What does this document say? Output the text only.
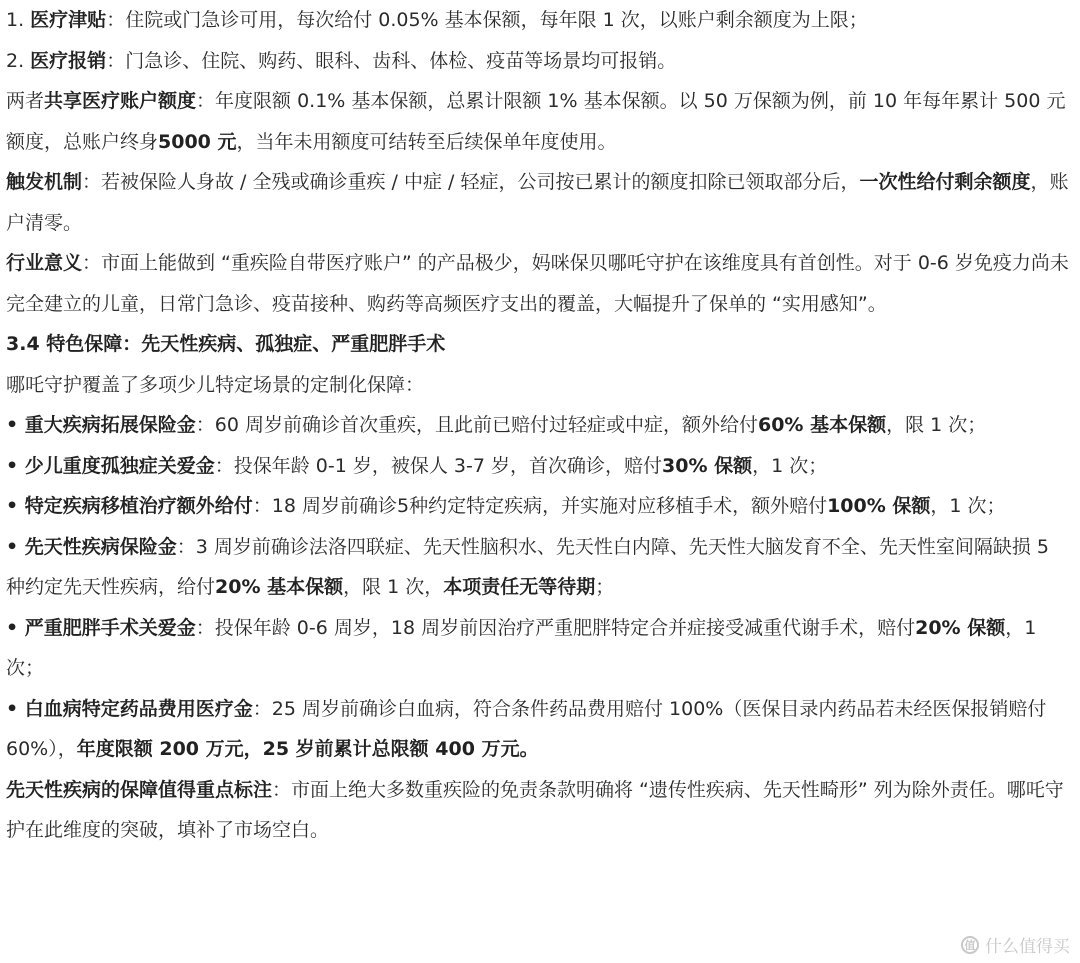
1. 医疗津贴：住院或门急诊可用，每次给付 0.05% 基本保额，每年限 1 次，以账户剩余额度为上限；

2. 医疗报销：门急诊、住院、购药、眼科、齿科、体检、疫苗等场景均可报销。

两者共享医疗账户额度：年度限额 0.1% 基本保额，总累计限额 1% 基本保额。以 50 万保额为例，前 10 年每年累计 500 元额度，总账户终身5000 元，当年未用额度可结转至后续保单年度使用。

触发机制：若被保险人身故 / 全残或确诊重疾 / 中症 / 轻症，公司按已累计的额度扣除已领取部分后，一次性给付剩余额度，账户清零。

行业意义：市面上能做到 “重疾险自带医疗账户” 的产品极少，妈咪保贝哪吒守护在该维度具有首创性。对于 0-6 岁免疫力尚未完全建立的儿童，日常门急诊、疫苗接种、购药等高频医疗支出的覆盖，大幅提升了保单的 “实用感知”。

3.4 特色保障：先天性疾病、孤独症、严重肥胖手术

哪吒守护覆盖了多项少儿特定场景的定制化保障：

• 重大疾病拓展保险金：60 周岁前确诊首次重疾，且此前已赔付过轻症或中症，额外给付60% 基本保额，限 1 次；

• 少儿重度孤独症关爱金：投保年龄 0-1 岁，被保人 3-7 岁，首次确诊，赔付30% 保额，1 次；

• 特定疾病移植治疗额外给付：18 周岁前确诊5种约定特定疾病，并实施对应移植手术，额外赔付100% 保额，1 次；

• 先天性疾病保险金：3 周岁前确诊法洛四联症、先天性脑积水、先天性白内障、先天性大脑发育不全、先天性室间隔缺损 5 种约定先天性疾病，给付20% 基本保额，限 1 次，本项责任无等待期；

• 严重肥胖手术关爱金：投保年龄 0-6 周岁，18 周岁前因治疗严重肥胖特定合并症接受减重代谢手术，赔付20% 保额，1 次；

• 白血病特定药品费用医疗金：25 周岁前确诊白血病，符合条件药品费用赔付 100%（医保目录内药品若未经医保报销赔付 60%），年度限额 200 万元，25 岁前累计总限额 400 万元。

先天性疾病的保障值得重点标注：市面上绝大多数重疾险的免责条款明确将 “遗传性疾病、先天性畸形” 列为除外责任。哪吒守护在此维度的突破，填补了市场空白。

值 什么值得买
